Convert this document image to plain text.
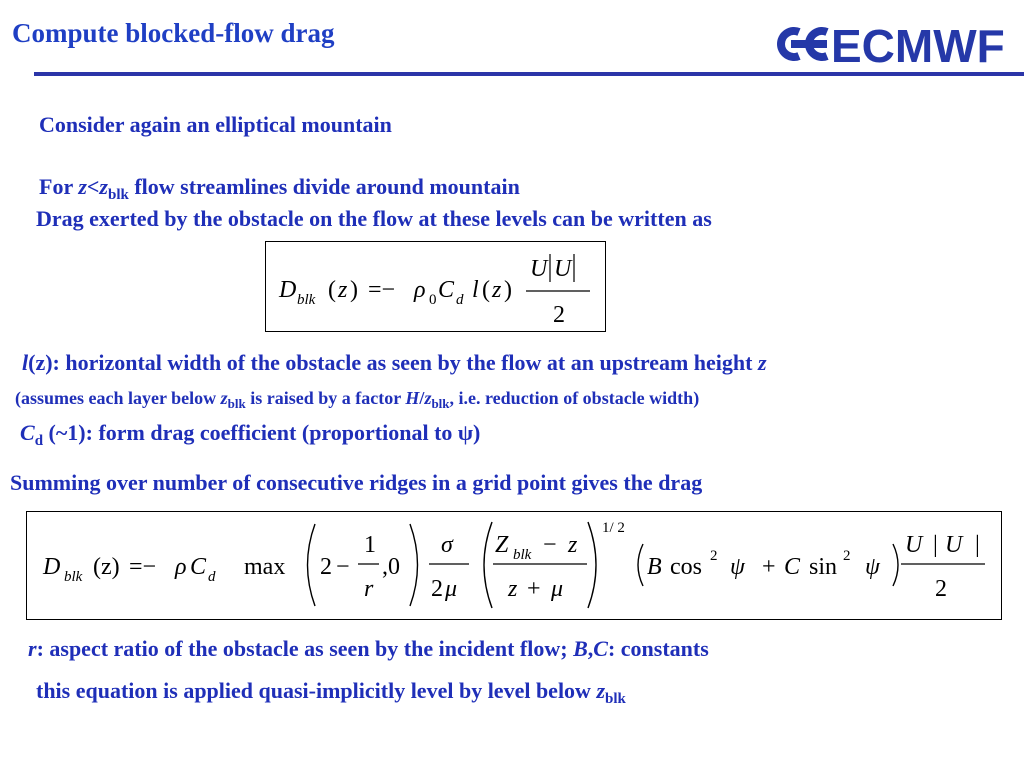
Compute blocked-flow drag	ECMWF
Consider again an elliptical mountain
For $z<z_{blk}$ flow streamlines divide around mountain
Drag exerted by the obstacle on the flow at these levels can be written as
D blk ( z ) =− ρ 0 C d l ( z )
U U
2
l(z): horizontal width of the obstacle as seen by the flow at an upstream height z
(assumes each layer below $z_{blk}$ is raised by a factor $H/z_{blk}$, i.e. reduction of obstacle width)
$C_d$ (~1): form drag coefficient (proportional to ψ)
Summing over number of consecutive ridges in a grid point gives the drag
D blk (z) =− ρ C d max 2 −
1
r
,0
σ
2 μ
Z blk − z
z + μ
1/ 2
B cos 2 ψ + C sin 2 ψ
U | U |
2
r: aspect ratio of the obstacle as seen by the incident flow; B,C: constants
this equation is applied quasi-implicitly level by level below $z_{blk}$
